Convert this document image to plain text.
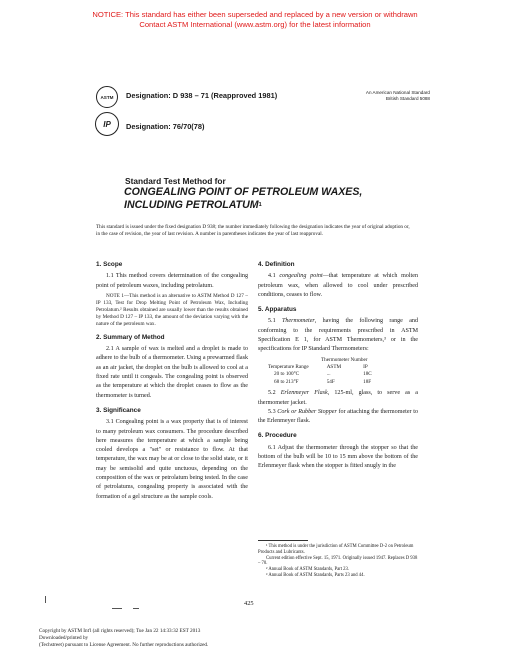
NOTICE: This standard has either been superseded and replaced by a new version or withdrawn
Contact ASTM International (www.astm.org) for the latest information
ASTM Designation: D 938 – 71 (Reapproved 1981)	An American National Standard
British Standard 5088
IP Designation: 76/70(78)
Standard Test Method for
CONGEALING POINT OF PETROLEUM WAXES,
INCLUDING PETROLATUM$^1$
This standard is issued under the fixed designation D 938; the number immediately following the designation indicates the year of original adoption or, in the case of revision, the year of last revision. A number in parentheses indicates the year of last reapproval.
1. Scope

1.1 This method covers determination of the congealing point of petroleum waxes, including petrolatum.

NOTE 1—This method is an alternative to ASTM Method D 127 – IP 133, Test for Drop Melting Point of Petroleum Wax, Including Petrolatum.² Results obtained are usually lower than the results obtained by Method D 127 – IP 133, the amount of the deviation varying with the nature of the petroleum wax.

2. Summary of Method

2.1 A sample of wax is melted and a droplet is made to adhere to the bulb of a thermometer. Using a prewarmed flask as an air jacket, the droplet on the bulb is allowed to cool at a fixed rate until it congeals. The congealing point is observed as the temperature at which the droplet ceases to flow as the thermometer is turned.

3. Significance

3.1 Congealing point is a wax property that is of interest to many petroleum wax consumers. The procedure described here measures the temperature at which a sample being cooled develops a "set" or resistance to flow. At that temperature, the wax may be at or close to the solid state, or it may be semisolid and quite unctuous, depending on the composition of the wax or petrolatum being tested. In the case of petrolatums, congealing property is associated with the formation of a gel structure as the sample cools.

4. Definition

4.1 congealing point—that temperature at which molten petroleum wax, when allowed to cool under prescribed conditions, ceases to flow.

5. Apparatus

5.1 Thermometer, having the following range and conforming to the requirements prescribed in ASTM Specification E 1, for ASTM Thermometers,³ or in the specifications for IP Standard Thermometers:

	Thermometer Number	
Temperature Range	ASTM	IP
20 to 100°C	...	18C
68 to 213°F	54F	18F

5.2 Erlenmeyer Flask, 125-ml, glass, to serve as a thermometer jacket.

5.3 Cork or Rubber Stopper for attaching the thermometer to the Erlenmeyer flask.

6. Procedure

6.1 Adjust the thermometer through the stopper so that the bottom of the bulb will be 10 to 15 mm above the bottom of the Erlenmeyer flask when the stopper is fitted snugly in the

¹ This method is under the jurisdiction of ASTM Committee D-2 on Petroleum Products and Lubricants.
Current edition effective Sept. 15, 1971. Originally issued 1947. Replaces D 938 – 70.
² Annual Book of ASTM Standards, Part 23.
³ Annual Book of ASTM Standards, Parts 23 and 44.
425
Copyright by ASTM Int'l (all rights reserved); Tue Jan 22 14:33:32 EST 2013
Downloaded/printed by
(Techstreet) pursuant to License Agreement. No further reproductions authorized.
